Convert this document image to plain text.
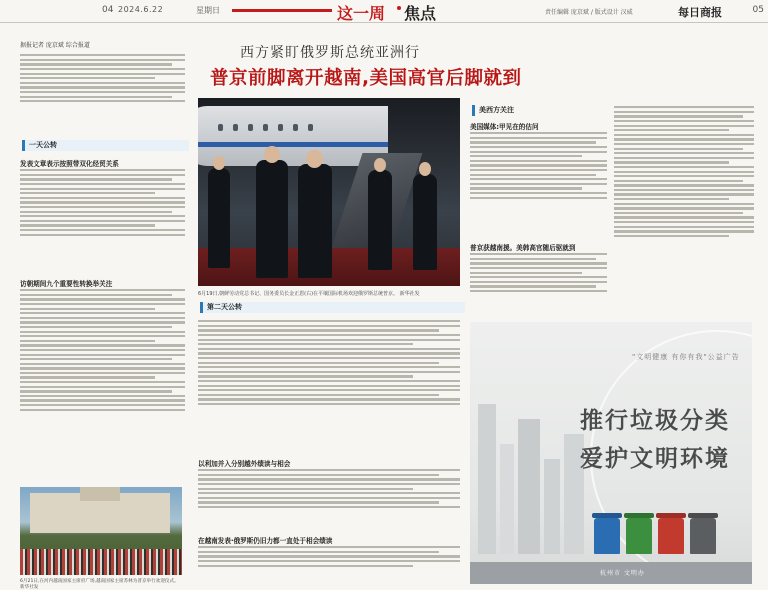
04 2024.6.22	星期日	这一周 焦点	责任编辑 庞京斌 / 版式设计 汉威	每日商报	05
西方紧盯俄罗斯总统亚洲行
普京前脚离开越南,美国高官后脚就到
据报记者 庞京斌 综合报道
一天公转
发表文章表示按照带双化经贸关系
访朝期间九个重要性转换举关注
6月21日,在河内越南国家主席府广场,越南国家主席苏林为普京举行欢迎仪式。 新华社发
6月19日,朝鲜劳动党总书记、国务委员长金正恩(右)在平壤国际机场欢迎俄罗斯总统普京。 新华社发
第二天公转
以利加并入分别越外绩读与相会
在越南发表·俄罗斯仍旧力都一直处于相会绩读
美西方关注
美国媒体:甲见在的估问
普京获越南援。美韩高官随后驱就到
"文明健康 有你有我"公益广告
推行垃圾分类
爱护文明环境
杭州市 文明办
